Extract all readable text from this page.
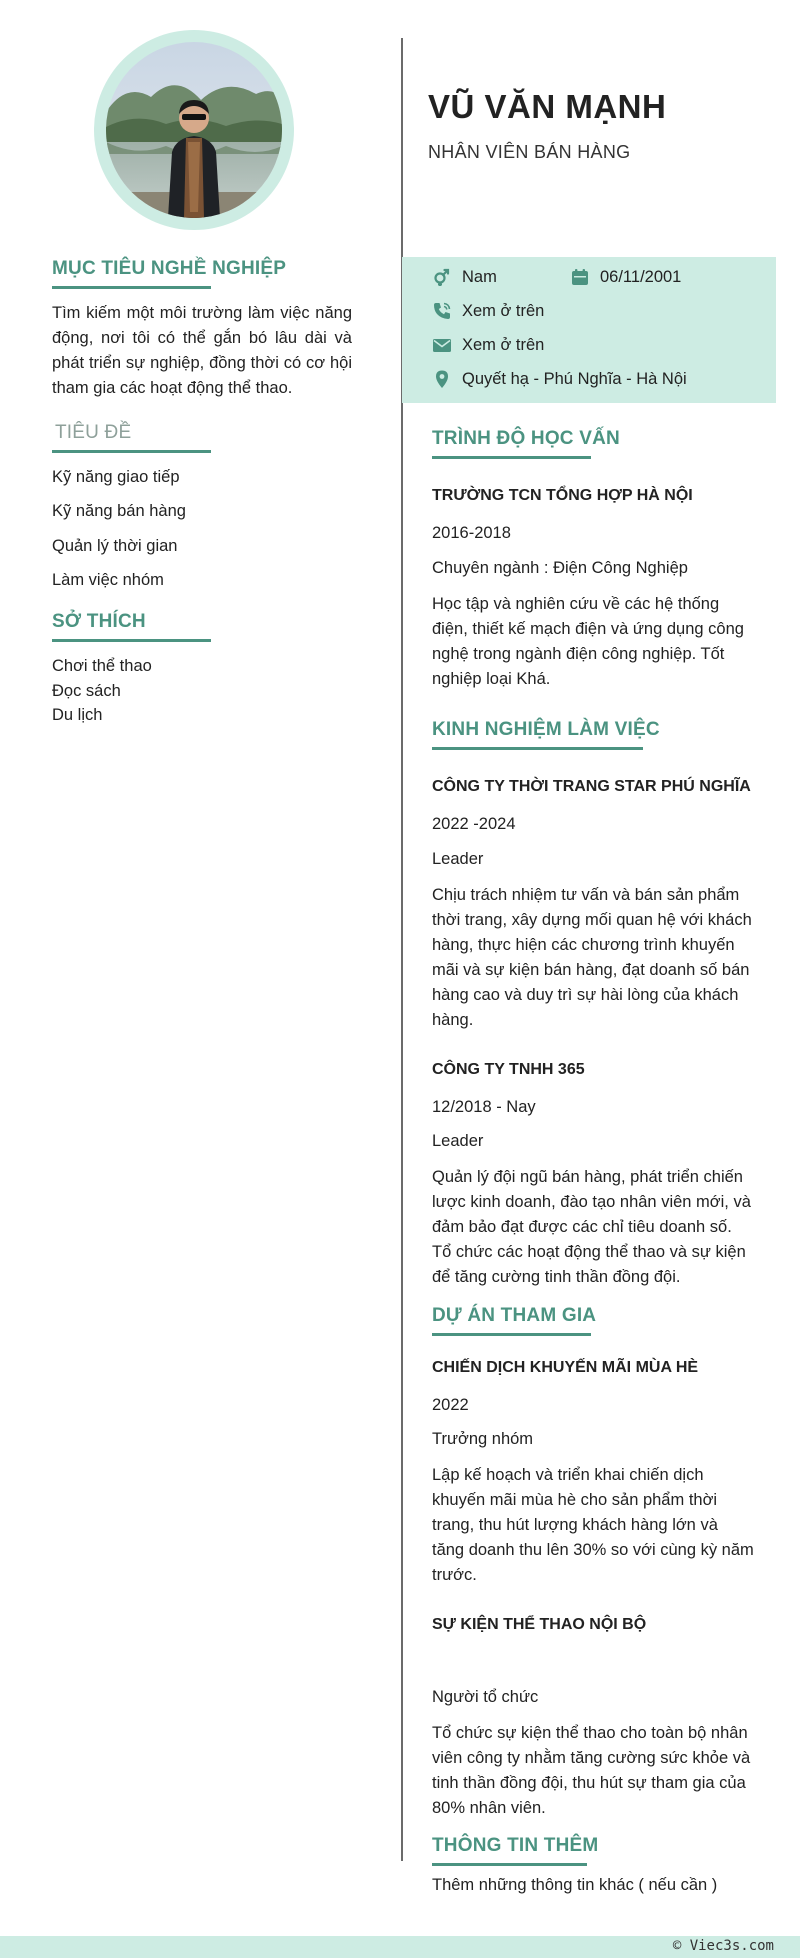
MỤC TIÊU NGHỀ NGHIỆP
Tìm kiếm một môi trường làm việc năng động, nơi tôi có thể gắn bó lâu dài và phát triển sự nghiệp, đồng thời có cơ hội tham gia các hoạt động thể thao.
TIÊU ĐỀ
Kỹ năng giao tiếp
Kỹ năng bán hàng
Quản lý thời gian
Làm việc nhóm
SỞ THÍCH
Chơi thể thao
Đọc sách
Du lịch
VŨ VĂN MẠNH
NHÂN VIÊN BÁN HÀNG
Nam	06/11/2001
Xem ở trên
Xem ở trên
Quyết hạ - Phú Nghĩa - Hà Nội
TRÌNH ĐỘ HỌC VẤN
TRƯỜNG TCN TỔNG HỢP HÀ NỘI
2016-2018
Chuyên ngành : Điện Công Nghiệp
Học tập và nghiên cứu về các hệ thống điện, thiết kế mạch điện và ứng dụng công nghệ trong ngành điện công nghiệp. Tốt nghiệp loại Khá.
KINH NGHIỆM LÀM VIỆC
CÔNG TY THỜI TRANG STAR PHÚ NGHĨA
2022 -2024
Leader
Chịu trách nhiệm tư vấn và bán sản phẩm thời trang, xây dựng mối quan hệ với khách hàng, thực hiện các chương trình khuyến mãi và sự kiện bán hàng, đạt doanh số bán hàng cao và duy trì sự hài lòng của khách hàng.
CÔNG TY TNHH 365
12/2018 - Nay
Leader
Quản lý đội ngũ bán hàng, phát triển chiến lược kinh doanh, đào tạo nhân viên mới, và đảm bảo đạt được các chỉ tiêu doanh số. Tổ chức các hoạt động thể thao và sự kiện để tăng cường tinh thần đồng đội.
DỰ ÁN THAM GIA
CHIẾN DỊCH KHUYẾN MÃI MÙA HÈ
2022
Trưởng nhóm
Lập kế hoạch và triển khai chiến dịch khuyến mãi mùa hè cho sản phẩm thời trang, thu hút lượng khách hàng lớn và tăng doanh thu lên 30% so với cùng kỳ năm trước.
SỰ KIỆN THỂ THAO NỘI BỘ
Người tổ chức
Tổ chức sự kiện thể thao cho toàn bộ nhân viên công ty nhằm tăng cường sức khỏe và tinh thần đồng đội, thu hút sự tham gia của 80% nhân viên.
THÔNG TIN THÊM
Thêm những thông tin khác ( nếu cần )
© Viec3s.com
